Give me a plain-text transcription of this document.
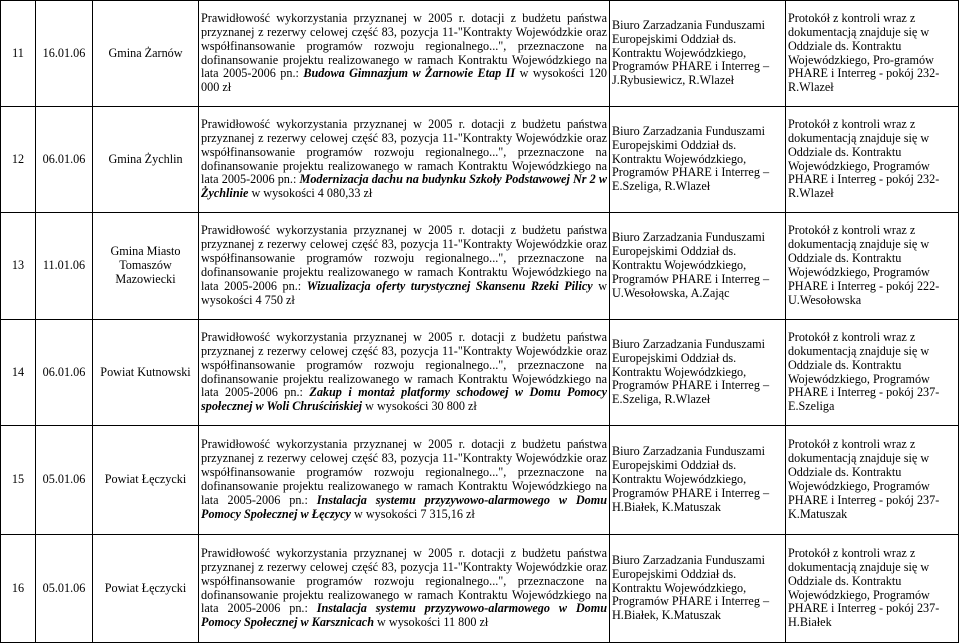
11	16.01.06	Gmina Żarnów	Prawidłowość wykorzystania przyznanej w 2005 r. dotacji z budżetu państwa przyznanej z rezerwy celowej część 83, pozycja 11-"Kontrakty Wojewódzkie oraz współfinansowanie programów rozwoju regionalnego...", przeznaczone na dofinansowanie projektu realizowanego w ramach Kontraktu Wojewódzkiego na lata 2005-2006 pn.: Budowa Gimnazjum w Żarnowie Etap II w wysokości 120 000 zł	Biuro Zarzadzania Funduszami Europejskimi Oddział ds. Kontraktu Wojewódzkiego, Programów PHARE i Interreg – J.Rybusiewicz, R.Wlazeł	Protokół z kontroli wraz z dokumentacją znajduje się w Oddziale ds. Kontraktu Wojewódzkiego, Pro-gramów PHARE i Interreg - pokój 232- R.Wlazeł
12	06.01.06	Gmina Żychlin	Prawidłowość wykorzystania przyznanej w 2005 r. dotacji z budżetu państwa przyznanej z rezerwy celowej część 83, pozycja 11-"Kontrakty Wojewódzkie oraz współfinansowanie programów rozwoju regionalnego...", przeznaczone na dofinansowanie projektu realizowanego w ramach Kontraktu Wojewódzkiego na lata 2005-2006 pn.: Modernizacja dachu na budynku Szkoły Podstawowej Nr 2 w Żychlinie w wysokości 4 080,33 zł	Biuro Zarzadzania Funduszami Europejskimi Oddział ds. Kontraktu Wojewódzkiego, Programów PHARE i Interreg – E.Szeliga, R.Wlazeł	Protokół z kontroli wraz z dokumentacją znajduje się w Oddziale ds. Kontraktu Wojewódzkiego, Programów PHARE i Interreg - pokój 232- R.Wlazeł
13	11.01.06	Gmina Miasto Tomaszów Mazowiecki	Prawidłowość wykorzystania przyznanej w 2005 r. dotacji z budżetu państwa przyznanej z rezerwy celowej część 83, pozycja 11-"Kontrakty Wojewódzkie oraz współfinansowanie programów rozwoju regionalnego...", przeznaczone na dofinansowanie projektu realizowanego w ramach Kontraktu Wojewódzkiego na lata 2005-2006 pn.: Wizualizacja oferty turystycznej Skansenu Rzeki Pilicy w wysokości 4 750 zł	Biuro Zarzadzania Funduszami Europejskimi Oddział ds. Kontraktu Wojewódzkiego, Programów PHARE i Interreg – U.Wesołowska, A.Zając	Protokół z kontroli wraz z dokumentacją znajduje się w Oddziale ds. Kontraktu Wojewódzkiego, Programów PHARE i Interreg - pokój 222- U.Wesołowska
14	06.01.06	Powiat Kutnowski	Prawidłowość wykorzystania przyznanej w 2005 r. dotacji z budżetu państwa przyznanej z rezerwy celowej część 83, pozycja 11-"Kontrakty Wojewódzkie oraz współfinansowanie programów rozwoju regionalnego...", przeznaczone na dofinansowanie projektu realizowanego w ramach Kontraktu Wojewódzkiego na lata 2005-2006 pn.: Zakup i montaż platformy schodowej w Domu Pomocy społecznej w Woli Chruścińskiej w wysokości 30 800 zł	Biuro Zarzadzania Funduszami Europejskimi Oddział ds. Kontraktu Wojewódzkiego, Programów PHARE i Interreg – E.Szeliga, R.Wlazeł	Protokół z kontroli wraz z dokumentacją znajduje się w Oddziale ds. Kontraktu Wojewódzkiego, Programów PHARE i Interreg - pokój 237- E.Szeliga
15	05.01.06	Powiat Łęczycki	Prawidłowość wykorzystania przyznanej w 2005 r. dotacji z budżetu państwa przyznanej z rezerwy celowej część 83, pozycja 11-"Kontrakty Wojewódzkie oraz współfinansowanie programów rozwoju regionalnego...", przeznaczone na dofinansowanie projektu realizowanego w ramach Kontraktu Wojewódzkiego na lata 2005-2006 pn.: Instalacja systemu przyzywowo-alarmowego w Domu Pomocy Społecznej w Łęczycy w wysokości 7 315,16 zł	Biuro Zarzadzania Funduszami Europejskimi Oddział ds. Kontraktu Wojewódzkiego, Programów PHARE i Interreg – H.Białek, K.Matuszak	Protokół z kontroli wraz z dokumentacją znajduje się w Oddziale ds. Kontraktu Wojewódzkiego, Programów PHARE i Interreg - pokój 237- K.Matuszak
16	05.01.06	Powiat Łęczycki	Prawidłowość wykorzystania przyznanej w 2005 r. dotacji z budżetu państwa przyznanej z rezerwy celowej część 83, pozycja 11-"Kontrakty Wojewódzkie oraz współfinansowanie programów rozwoju regionalnego...", przeznaczone na dofinansowanie projektu realizowanego w ramach Kontraktu Wojewódzkiego na lata 2005-2006 pn.: Instalacja systemu przyzywowo-alarmowego w Domu Pomocy Społecznej w Karsznicach w wysokości 11 800 zł	Biuro Zarzadzania Funduszami Europejskimi Oddział ds. Kontraktu Wojewódzkiego, Programów PHARE i Interreg – H.Białek, K.Matuszak	Protokół z kontroli wraz z dokumentacją znajduje się w Oddziale ds. Kontraktu Wojewódzkiego, Programów PHARE i Interreg - pokój 237- H.Białek
